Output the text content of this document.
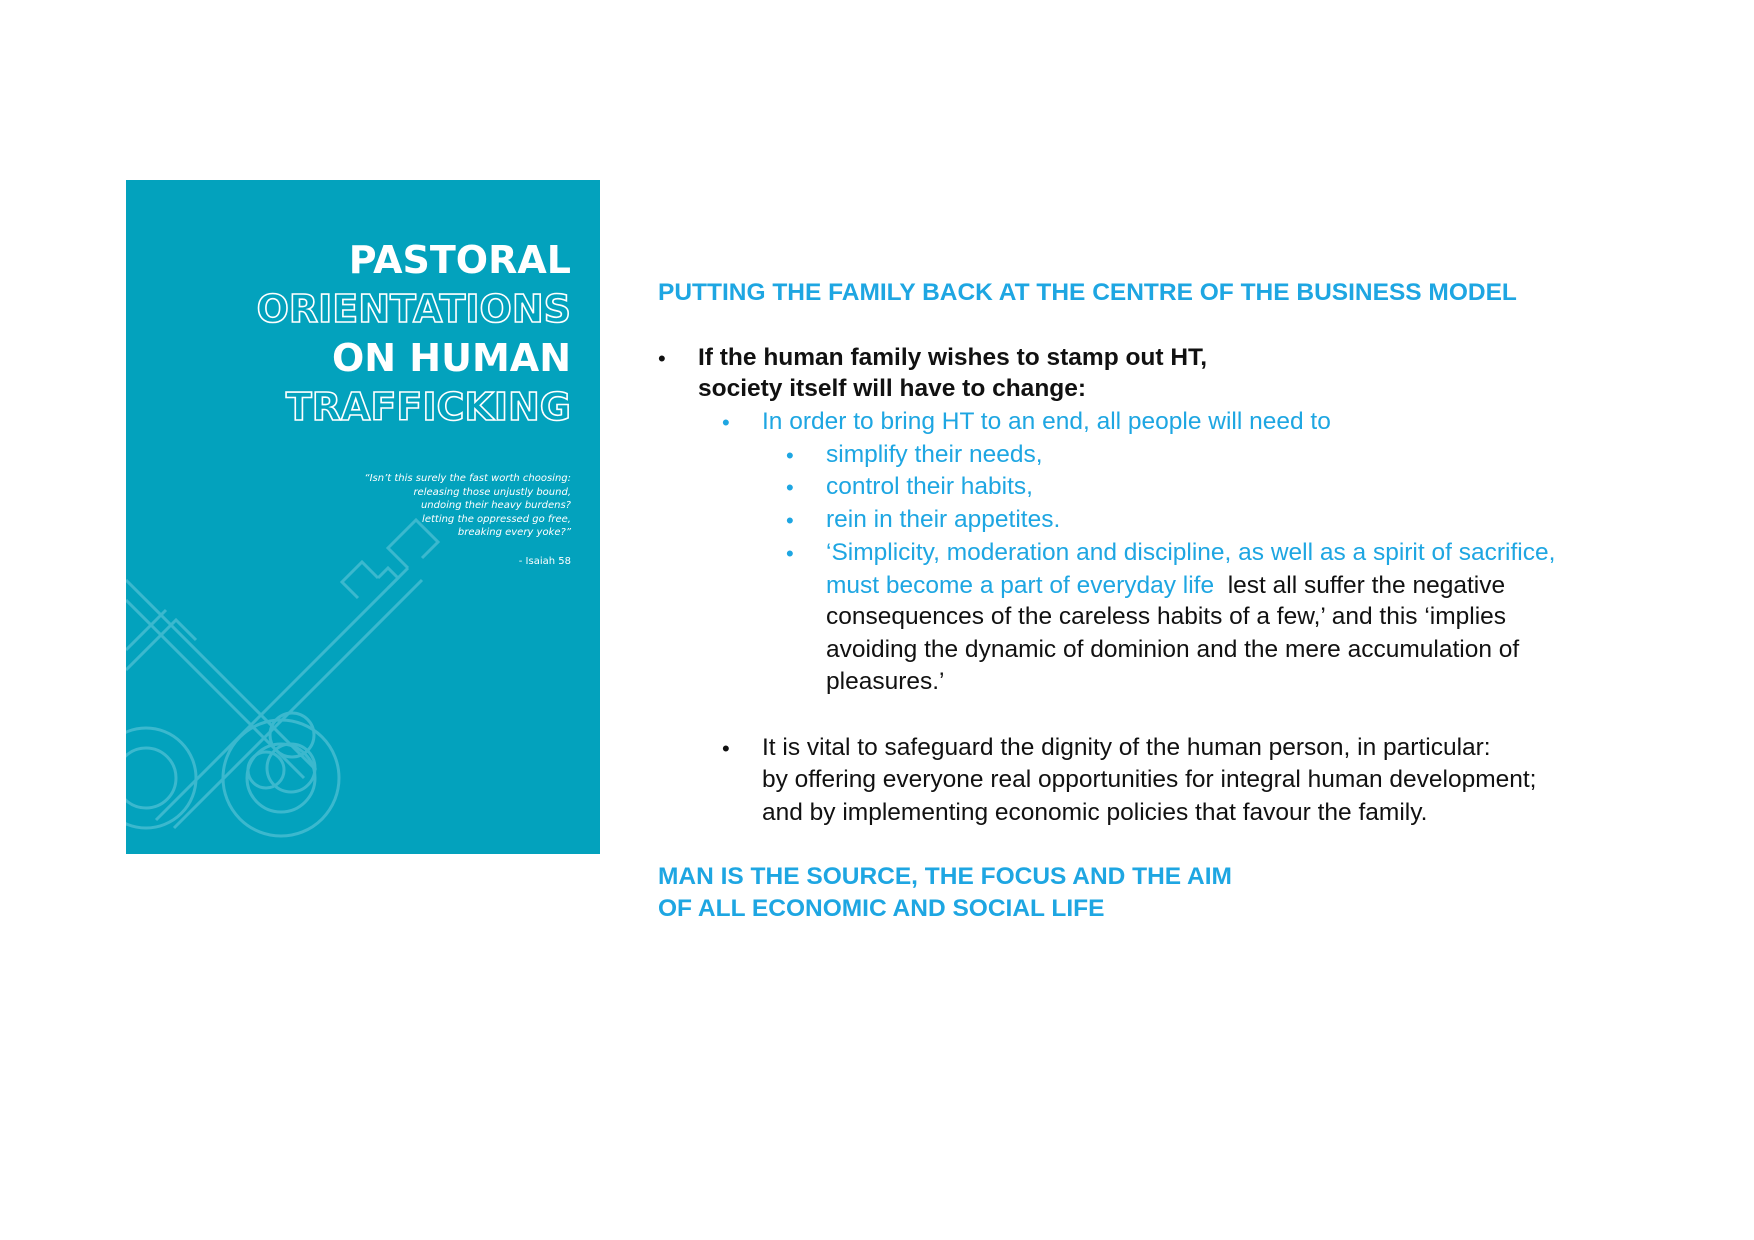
PASTORAL
ORIENTATIONS
ON HUMAN
TRAFFICKING
“Isn’t this surely the fast worth choosing:
releasing those unjustly bound,
undoing their heavy burdens?
letting the oppressed go free,
breaking every yoke?”
- Isaiah 58
PUTTING THE FAMILY BACK AT THE CENTRE OF THE BUSINESS MODEL
• If the human family wishes to stamp out HT,
society itself will have to change:
• In order to bring HT to an end, all people will need to
• simplify their needs,
• control their habits,
• rein in their appetites.
• ‘Simplicity, moderation and discipline, as well as a spirit of sacrifice,
must become a part of everyday life lest all suffer the negative
consequences of the careless habits of a few,’ and this ‘implies
avoiding the dynamic of dominion and the mere accumulation of
pleasures.’
• It is vital to safeguard the dignity of the human person, in particular:
by offering everyone real opportunities for integral human development;
and by implementing economic policies that favour the family.
MAN IS THE SOURCE, THE FOCUS AND THE AIM
OF ALL ECONOMIC AND SOCIAL LIFE
